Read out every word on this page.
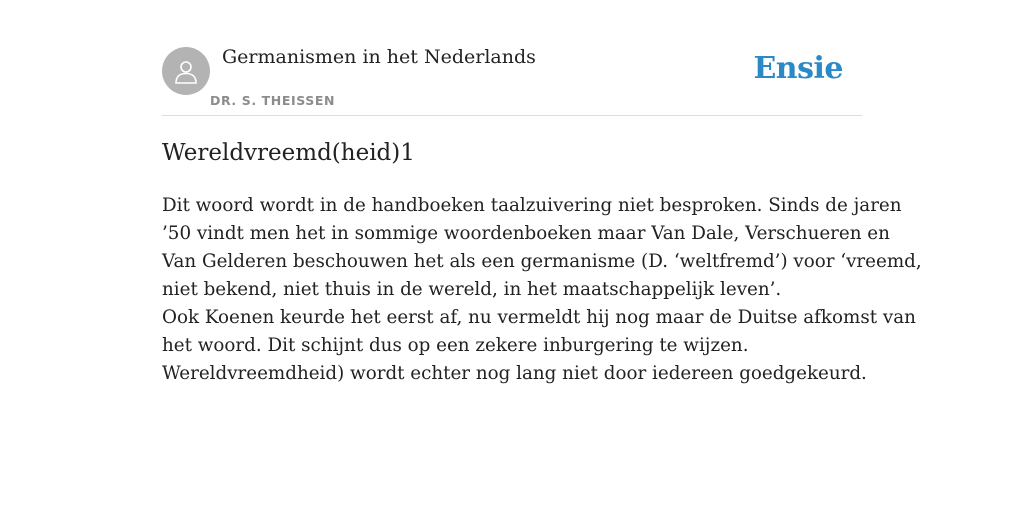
Germanismen in het Nederlands
DR. S. THEISSEN
Ensie
Wereldvreemd(heid)1
Dit woord wordt in de handboeken taalzuivering niet besproken. Sinds de jaren
’50 vindt men het in sommige woordenboeken maar Van Dale, Verschueren en
Van Gelderen beschouwen het als een germanisme (D. ‘weltfremd’) voor ‘vreemd,
niet bekend, niet thuis in de wereld, in het maatschappelijk leven’.
Ook Koenen keurde het eerst af, nu vermeldt hij nog maar de Duitse afkomst van
het woord. Dit schijnt dus op een zekere inburgering te wijzen.
Wereldvreemdheid) wordt echter nog lang niet door iedereen goedgekeurd.
